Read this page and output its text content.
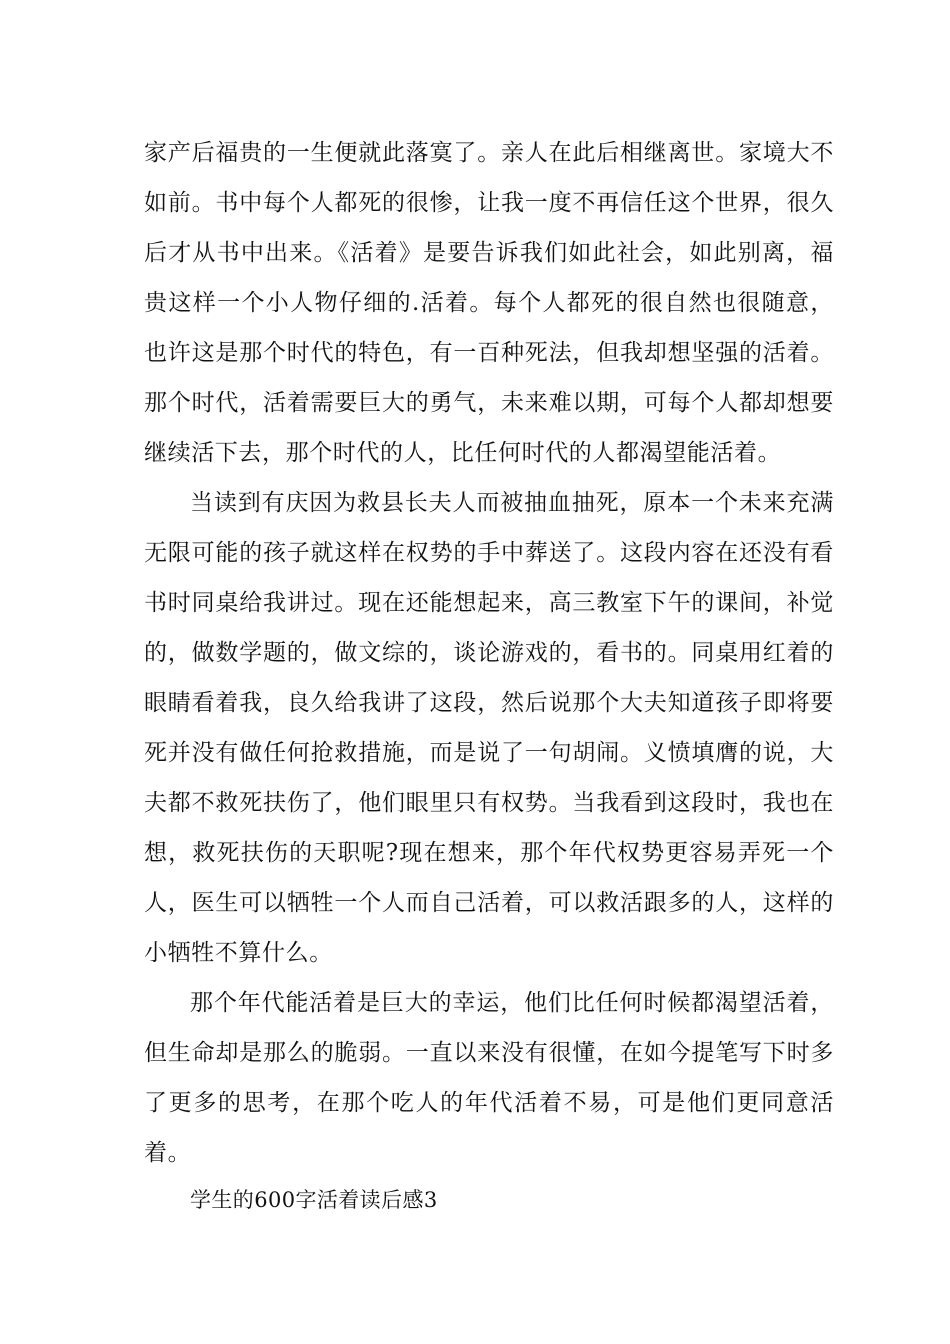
家产后福贵的一生便就此落寞了。亲人在此后相继离世。家境大不如前。书中每个人都死的很惨，让我一度不再信任这个世界，很久后才从书中出来。《活着》是要告诉我们如此社会，如此别离，福贵这样一个小人物仔细的.活着。每个人都死的很自然也很随意，也许这是那个时代的特色，有一百种死法，但我却想坚强的活着。那个时代，活着需要巨大的勇气，未来难以期，可每个人都却想要继续活下去，那个时代的人，比任何时代的人都渴望能活着。

当读到有庆因为救县长夫人而被抽血抽死，原本一个未来充满无限可能的孩子就这样在权势的手中葬送了。这段内容在还没有看书时同桌给我讲过。现在还能想起来，高三教室下午的课间，补觉的，做数学题的，做文综的，谈论游戏的，看书的。同桌用红着的眼睛看着我，良久给我讲了这段，然后说那个大夫知道孩子即将要死并没有做任何抢救措施，而是说了一句胡闹。义愤填膺的说，大夫都不救死扶伤了，他们眼里只有权势。当我看到这段时，我也在想，救死扶伤的天职呢?现在想来，那个年代权势更容易弄死一个人，医生可以牺牲一个人而自己活着，可以救活跟多的人，这样的小牺牲不算什么。

那个年代能活着是巨大的幸运，他们比任何时候都渴望活着，但生命却是那么的脆弱。一直以来没有很懂，在如今提笔写下时多了更多的思考，在那个吃人的年代活着不易，可是他们更同意活着。

学生的600字活着读后感3
